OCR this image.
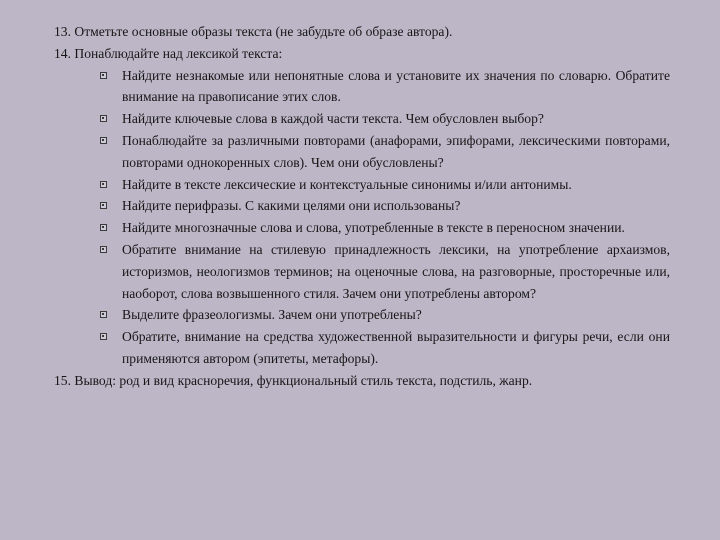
13. Отметьте основные образы текста (не забудьте об образе автора).

14. Понаблюдайте над лексикой текста:

Найдите незнакомые или непонятные слова и установите их значения по словарю. Обратите внимание на правописание этих слов.
Найдите ключевые слова в каждой части текста. Чем обусловлен выбор?
Понаблюдайте за различными повторами (анафорами, эпифорами, лексическими повторами, повторами однокоренных слов). Чем они обусловлены?
Найдите в тексте лексические и контекстуальные синонимы и/или антонимы.
Найдите перифразы. С какими целями они использованы?
Найдите многозначные слова и слова, употребленные в тексте в переносном значении.
Обратите внимание на стилевую принадлежность лексики, на употребление архаизмов, историзмов, неологизмов терминов; на оценочные слова, на разговорные, просторечные или, наоборот, слова возвышенного стиля. Зачем они употреблены автором?
Выделите фразеологизмы. Зачем они употреблены?
Обратите, внимание на средства художественной выразительности и фигуры речи, если они применяются автором (эпитеты, метафоры).

15. Вывод: род и вид красноречия, функциональный стиль текста, подстиль, жанр.
